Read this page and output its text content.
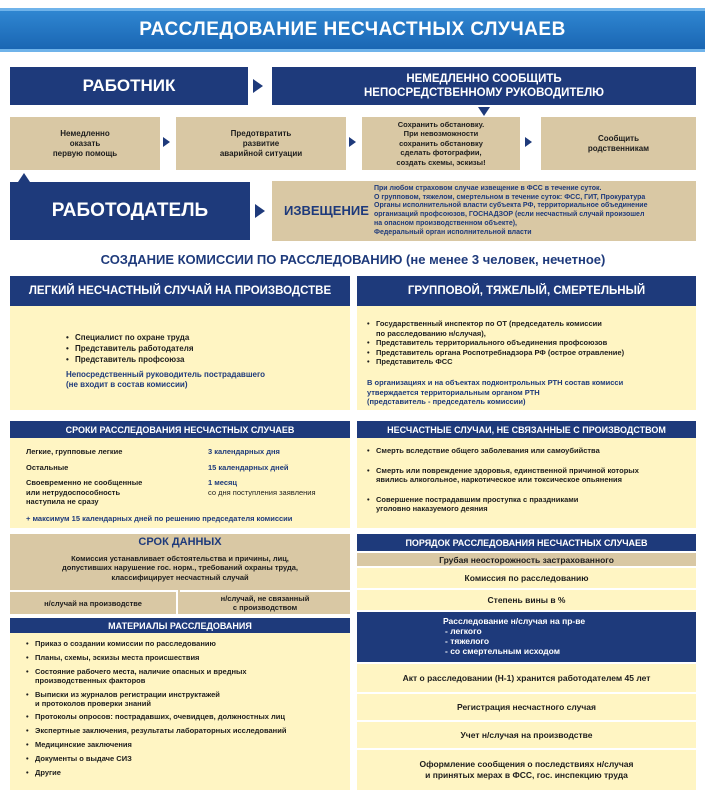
РАССЛЕДОВАНИЕ НЕСЧАСТНЫХ СЛУЧАЕВ
РАБОТНИК	НЕМЕДЛЕННО СООБЩИТЬ
НЕПОСРЕДСТВЕННОМУ РУКОВОДИТЕЛЮ
Немедленно
оказать
первую помощь
Предотвратить
развитие
аварийной ситуации
Сохранить обстановку.
При невозможности
сохранить обстановку
сделать фотографии,
создать схемы, эскизы!
Сообщить
родственникам
РАБОТОДАТЕЛЬ	ИЗВЕЩЕНИЕ
При любом страховом случае извещение в ФСС в течение суток.
О групповом, тяжелом, смертельном в течение суток: ФСС, ГИТ, Прокуратура
Органы исполнительной власти субъекта РФ, территориальное объединение
организаций профсоюзов, ГОСНАДЗОР (если несчастный случай произошел
на опасном производственном объекте),
Федеральный орган исполнительной власти
СОЗДАНИЕ КОМИССИИ ПО РАССЛЕДОВАНИЮ (не менее 3 человек, нечетное)
ЛЕГКИЙ НЕСЧАСТНЫЙ СЛУЧАЙ НА ПРОИЗВОДСТВЕ
• Специалист по охране труда
• Представитель работодателя
• Представитель профсоюза
Непосредственный руководитель пострадавшего
(не входит в состав комиссии)
ГРУППОВОЙ, ТЯЖЕЛЫЙ, СМЕРТЕЛЬНЫЙ
• Государственный инспектор по ОТ (председатель комиссии
по расследованию н/случая),
• Представитель территориального объединения профсоюзов
• Представитель органа Роспотребнадзора РФ (острое отравление)
• Представитель ФСС
В организациях и на объектах подконтрольных РТН состав комисси
утверждается территориальным органом РТН
(представитель - председатель комиссии)
СРОКИ РАССЛЕДОВАНИЯ НЕСЧАСТНЫХ СЛУЧАЕВ
Легкие, групповые легкие	3 календарных дня
Остальные	15 календарных дней
Своевременно не сообщенные
или нетрудоспособность
наступила не сразу
1 месяц
со дня поступления заявления
+ максимум 15 календарных дней по решению председателя комиссии
НЕСЧАСТНЫЕ СЛУЧАИ, НЕ СВЯЗАННЫЕ С ПРОИЗВОДСТВОМ
• Смерть вследствие общего заболевания или самоубийства
• Смерть или повреждение здоровья, единственной причиной которых
явились алкогольное, наркотическое или токсическое опьянения
• Совершение пострадавшим проступка с праздниками
уголовно наказуемого деяния
СРОК ДАННЫХ
Комиссия устанавливает обстоятельства и причины, лиц,
допустивших нарушение гос. норм., требований охраны труда,
классифицирует несчастный случай
н/случай на производстве	н/случай, не связанный
с производством
МАТЕРИАЛЫ РАССЛЕДОВАНИЯ
• Приказ о создании комиссии по расследованию
• Планы, схемы, эскизы места происшествия
• Состояние рабочего места, наличие опасных и вредных
производственных факторов
• Выписки из журналов регистрации инструктажей
и протоколов проверки знаний
• Протоколы опросов: пострадавших, очевидцев, должностных лиц
• Экспертные заключения, результаты лабораторных исследований
• Медицинские заключения
• Документы о выдаче СИЗ
• Другие
ПОРЯДОК РАССЛЕДОВАНИЯ НЕСЧАСТНЫХ СЛУЧАЕВ
Грубая неосторожность застрахованного
Комиссия по расследованию
Степень вины в %
Расследование н/случая на пр-ве
- легкого
- тяжелого
- со смертельным исходом
Акт о расследовании (Н-1) хранится работодателем 45 лет
Регистрация несчастного случая
Учет н/случая на производстве
Оформление сообщения о последствиях н/случая
и принятых мерах в ФСС, гос. инспекцию труда
